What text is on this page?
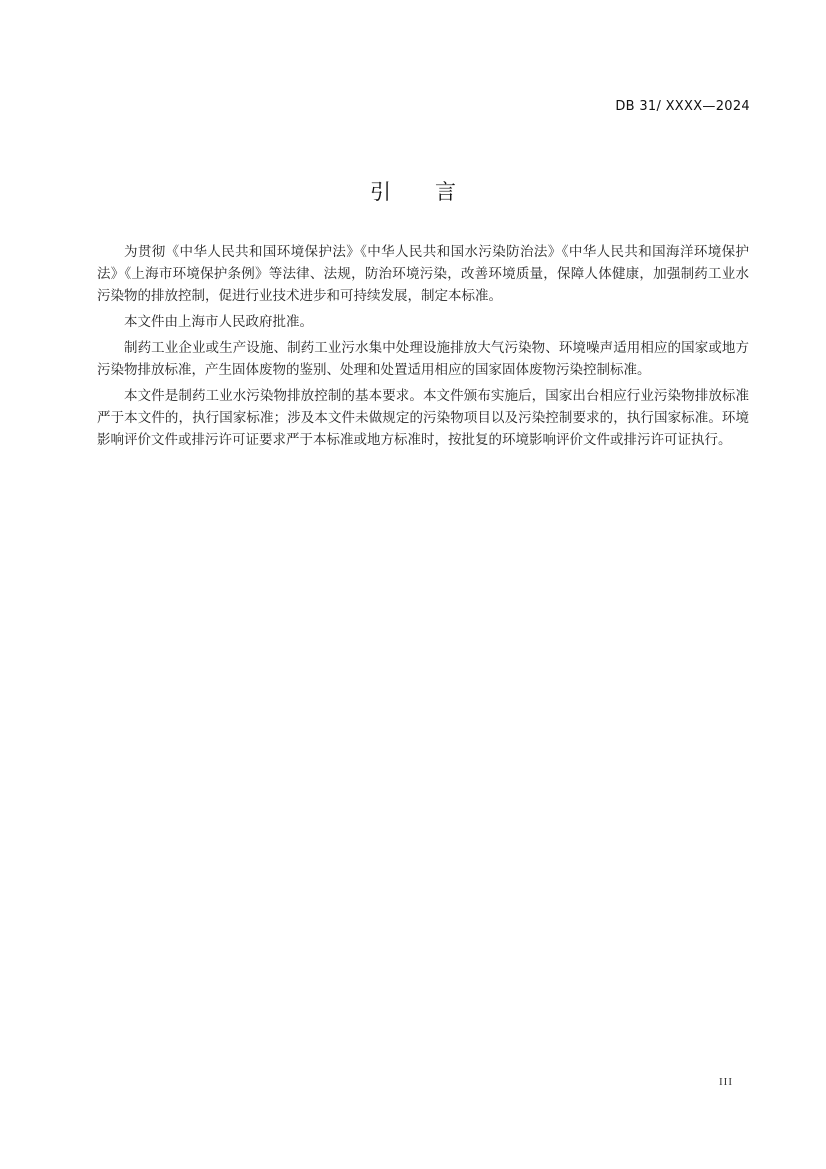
DB 31/ XXXX—2024
引 言

为贯彻《中华人民共和国环境保护法》《中华人民共和国水污染防治法》《中华人民共和国海洋环境保护法》《上海市环境保护条例》等法律、法规，防治环境污染，改善环境质量，保障人体健康，加强制药工业水污染物的排放控制，促进行业技术进步和可持续发展，制定本标准。

本文件由上海市人民政府批准。

制药工业企业或生产设施、制药工业污水集中处理设施排放大气污染物、环境噪声适用相应的国家或地方污染物排放标准，产生固体废物的鉴别、处理和处置适用相应的国家固体废物污染控制标准。

本文件是制药工业水污染物排放控制的基本要求。本文件颁布实施后，国家出台相应行业污染物排放标准严于本文件的，执行国家标准；涉及本文件未做规定的污染物项目以及污染控制要求的，执行国家标准。环境影响评价文件或排污许可证要求严于本标准或地方标准时，按批复的环境影响评价文件或排污许可证执行。

III
